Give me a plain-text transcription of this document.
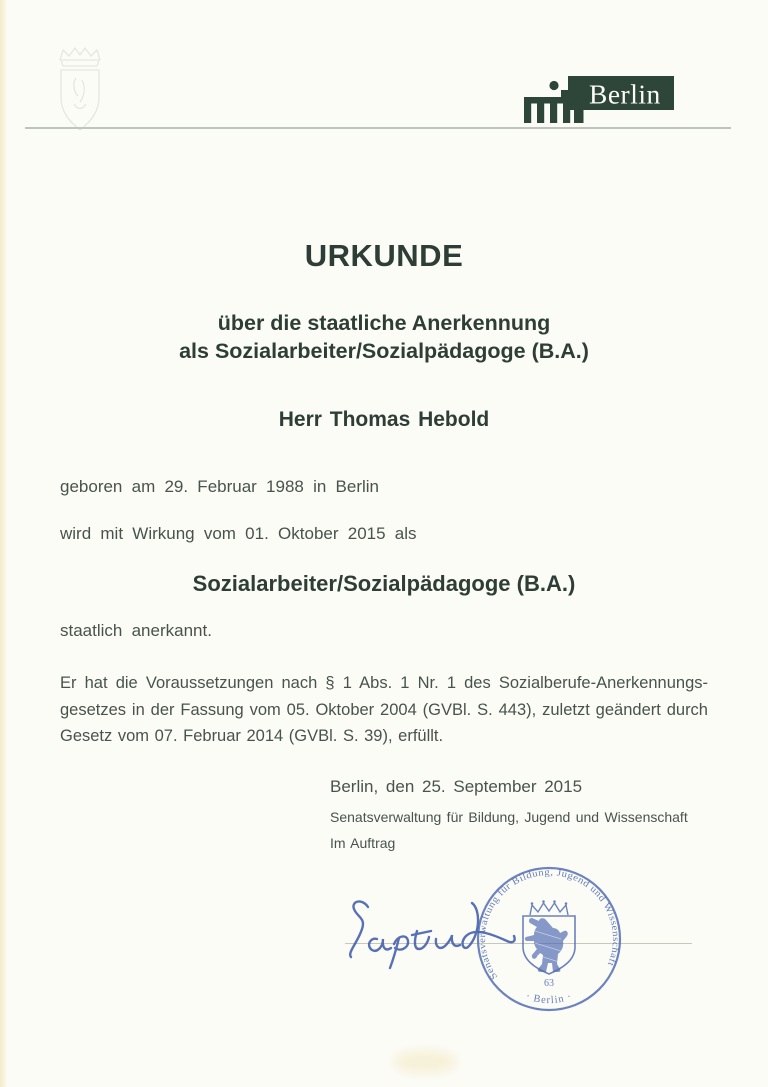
Berlin
URKUNDE
über die staatliche Anerkennung
als Sozialarbeiter/Sozialpädagoge (B.A.)
Herr Thomas Hebold
geboren am 29. Februar 1988 in Berlin
wird mit Wirkung vom 01. Oktober 2015 als
Sozialarbeiter/Sozialpädagoge (B.A.)
staatlich anerkannt.
Er hat die Voraussetzungen nach § 1 Abs. 1 Nr. 1 des Sozialberufe-Anerkennungs-
gesetzes in der Fassung vom 05. Oktober 2004 (GVBl. S. 443), zuletzt geändert durch
Gesetz vom 07. Februar 2014 (GVBl. S. 39), erfüllt.
Berlin, den 25. September 2015
Senatsverwaltung für Bildung, Jugend und Wissenschaft
Im Auftrag
Senatsverwaltung für Bildung, Jugend und Wissenschaft
63
· Berlin ·
